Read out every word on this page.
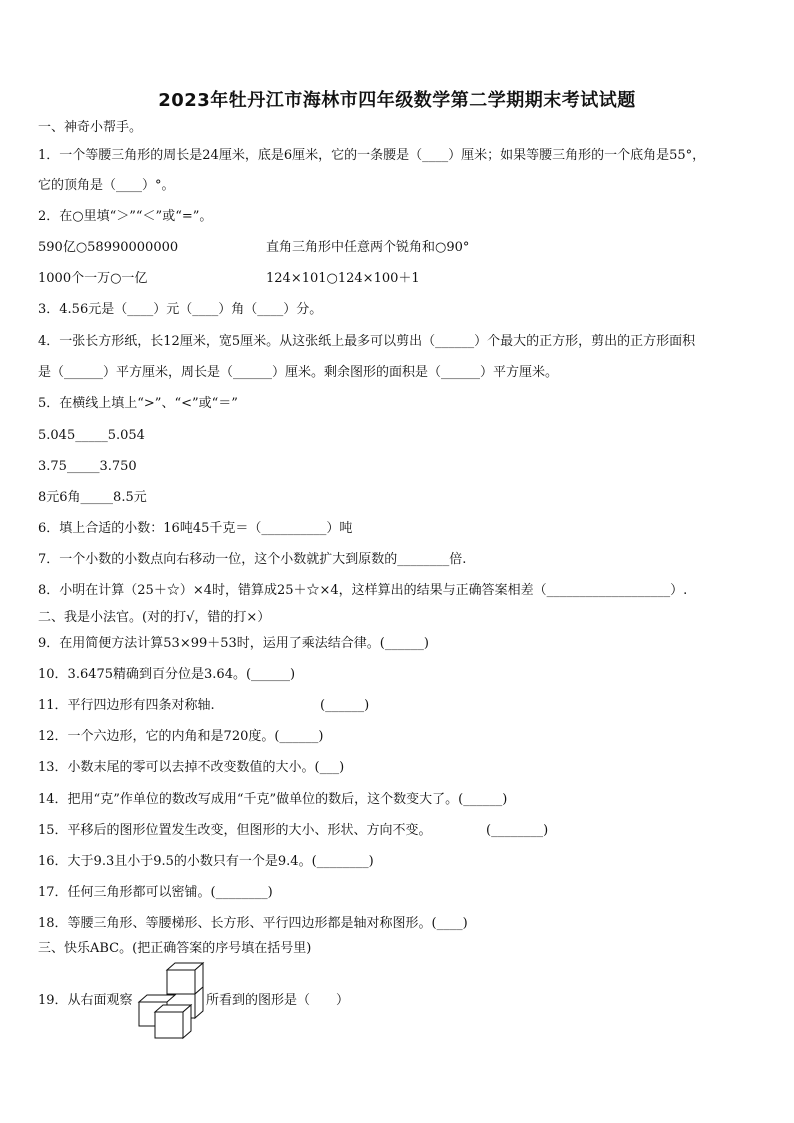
2023年牡丹江市海林市四年级数学第二学期期末考试试题
一、神奇小帮手。
1．一个等腰三角形的周长是24厘米，底是6厘米，它的一条腰是（____）厘米；如果等腰三角形的一个底角是55°，
它的顶角是（____）°。
2．在○里填“＞”“＜”或“=”。
590亿○58990000000	直角三角形中任意两个锐角和○90°
1000个一万○一亿	124×101○124×100＋1
3．4.56元是（____）元（____）角（____）分。
4．一张长方形纸，长12厘米，宽5厘米。从这张纸上最多可以剪出（______）个最大的正方形，剪出的正方形面积
是（______）平方厘米，周长是（______）厘米。剩余图形的面积是（______）平方厘米。
5．在横线上填上“>”、“<”或“＝”
5.045_____5.054
3.75_____3.750
8元6角_____8.5元
6．填上合适的小数：16吨45千克＝（__________）吨
7．一个小数的小数点向右移动一位，这个小数就扩大到原数的________倍.
8．小明在计算（25＋☆）×4时，错算成25＋☆×4，这样算出的结果与正确答案相差（___________________）.
二、我是小法官。(对的打√，错的打×）
9．在用简便方法计算53×99＋53时，运用了乘法结合律。(______)
10．3.6475精确到百分位是3.64。(______)
11．平行四边形有四条对称轴.	(______)
12．一个六边形，它的内角和是720度。(______)
13．小数末尾的零可以去掉不改变数值的大小。(___)
14．把用“克”作单位的数改写成用“千克”做单位的数后，这个数变大了。(______)
15．平移后的图形位置发生改变，但图形的大小、形状、方向不变。	(________)
16．大于9.3且小于9.5的小数只有一个是9.4。(________)
17．任何三角形都可以密铺。(________)
18．等腰三角形、等腰梯形、长方形、平行四边形都是轴对称图形。(____)
三、快乐ABC。(把正确答案的序号填在括号里)
19．从右面观察	所看到的图形是（　　）
